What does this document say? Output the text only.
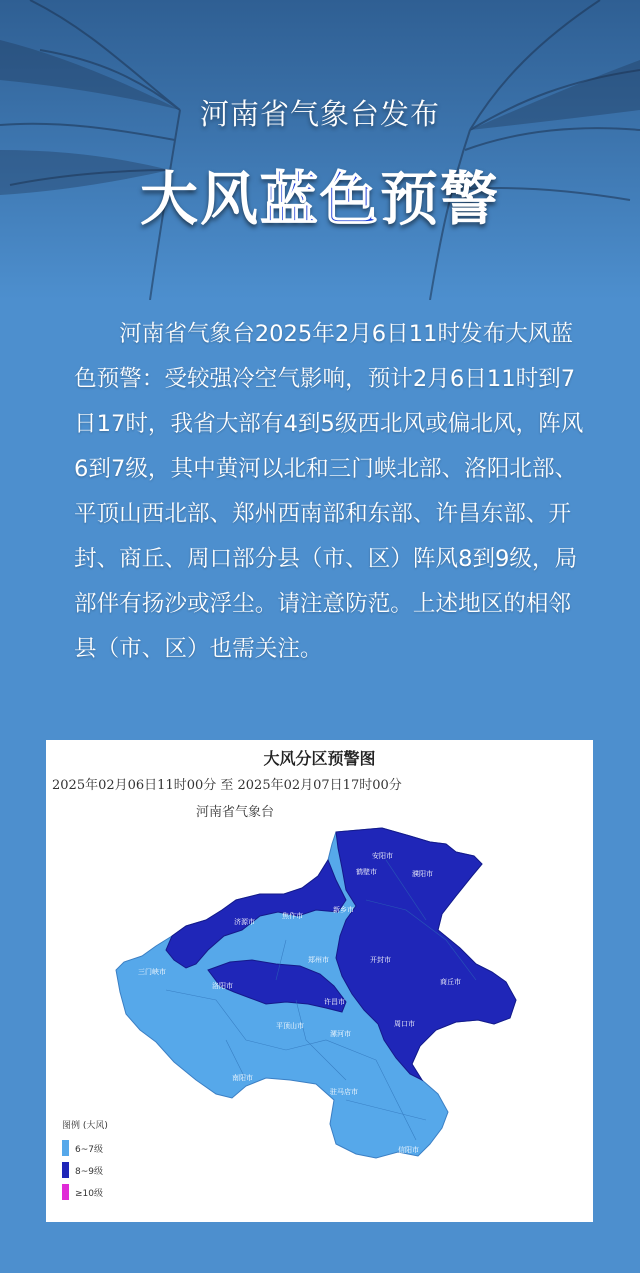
河南省气象台发布
大风蓝色预警

  河南省气象台2025年2月6日11时发布大风蓝色预警：受较强冷空气影响，预计2月6日11时到7日17时，我省大部有4到5级西北风或偏北风，阵风6到7级，其中黄河以北和三门峡北部、洛阳北部、平顶山西北部、郑州西南部和东部、许昌东部、开封、商丘、周口部分县（市、区）阵风8到9级，局部伴有扬沙或浮尘。请注意防范。上述地区的相邻县（市、区）也需关注。

安阳市
鹤壁市	濮阳市
新乡市
焦作市
济源市
郑州市	开封市
商丘市
三门峡市
洛阳市
许昌市
平顶山市
漯河市
周口市
南阳市
驻马店市
信阳市
大风分区预警图
2025年02月06日11时00分 至 2025年02月07日17时00分
河南省气象台
图例 (大风)
6~7级
8~9级
≥10级
